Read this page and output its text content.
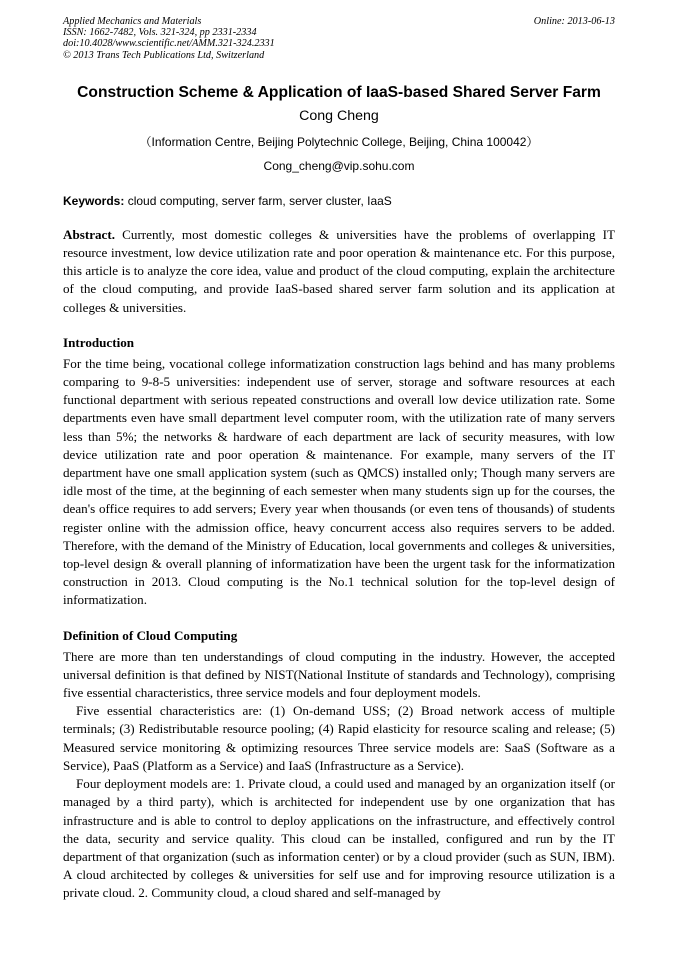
Applied Mechanics and Materials
ISSN: 1662-7482, Vols. 321-324, pp 2331-2334
doi:10.4028/www.scientific.net/AMM.321-324.2331
© 2013 Trans Tech Publications Ltd, Switzerland
Online: 2013-06-13
Construction Scheme & Application of IaaS-based Shared Server Farm
Cong Cheng
（Information Centre, Beijing Polytechnic College, Beijing, China 100042）
Cong_cheng@vip.sohu.com
Keywords: cloud computing, server farm, server cluster, IaaS

Abstract. Currently, most domestic colleges & universities have the problems of overlapping IT resource investment, low device utilization rate and poor operation & maintenance etc. For this purpose, this article is to analyze the core idea, value and product of the cloud computing, explain the architecture of the cloud computing, and provide IaaS-based shared server farm solution and its application at colleges & universities.

Introduction

For the time being, vocational college informatization construction lags behind and has many problems comparing to 9-8-5 universities: independent use of server, storage and software resources at each functional department with serious repeated constructions and overall low device utilization rate. Some departments even have small department level computer room, with the utilization rate of many servers less than 5%; the networks & hardware of each department are lack of security measures, with low device utilization rate and poor operation & maintenance. For example, many servers of the IT department have one small application system (such as QMCS) installed only; Though many servers are idle most of the time, at the beginning of each semester when many students sign up for the courses, the dean's office requires to add servers; Every year when thousands (or even tens of thousands) of students register online with the admission office, heavy concurrent access also requires servers to be added. Therefore, with the demand of the Ministry of Education, local governments and colleges & universities, top-level design & overall planning of informatization have been the urgent task for the informatization construction in 2013. Cloud computing is the No.1 technical solution for the top-level design of informatization.

Definition of Cloud Computing

There are more than ten understandings of cloud computing in the industry. However, the accepted universal definition is that defined by NIST(National Institute of standards and Technology), comprising five essential characteristics, three service models and four deployment models.

Five essential characteristics are: (1) On-demand USS; (2) Broad network access of multiple terminals; (3) Redistributable resource pooling; (4) Rapid elasticity for resource scaling and release; (5) Measured service monitoring & optimizing resources Three service models are: SaaS (Software as a Service), PaaS (Platform as a Service) and IaaS (Infrastructure as a Service).

Four deployment models are: 1. Private cloud, a could used and managed by an organization itself (or managed by a third party), which is architected for independent use by one organization that has infrastructure and is able to control to deploy applications on the infrastructure, and effectively control the data, security and service quality. This cloud can be installed, configured and run by the IT department of that organization (such as information center) or by a cloud provider (such as SUN, IBM). A cloud architected by colleges & universities for self use and for improving resource utilization is a private cloud. 2. Community cloud, a cloud shared and self-managed by
